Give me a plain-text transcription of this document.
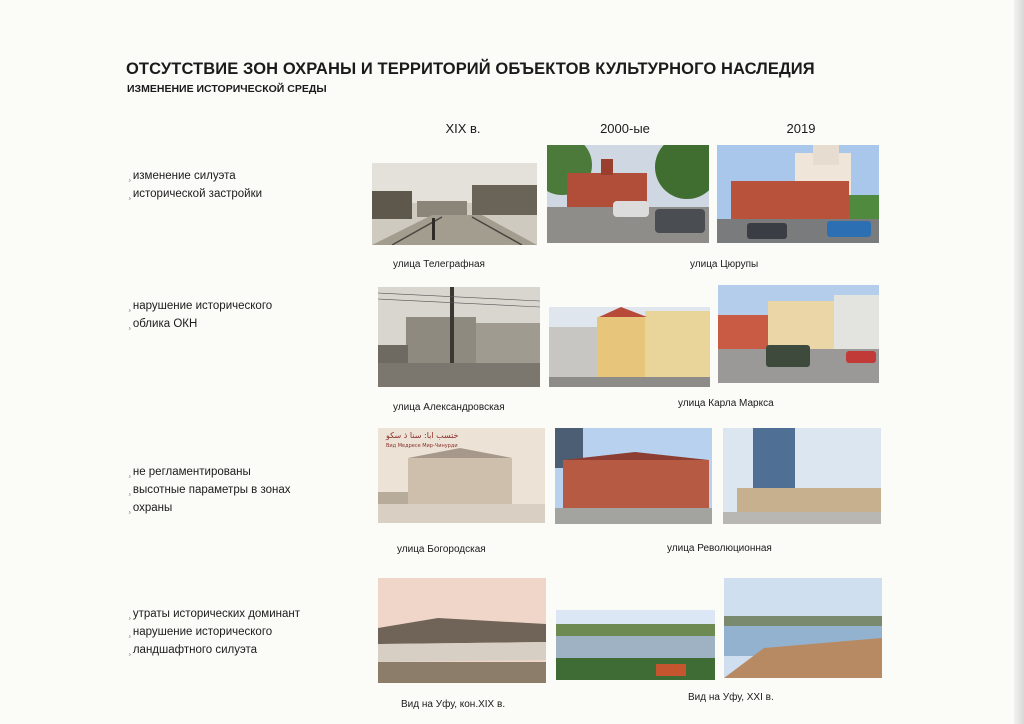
ОТСУТСТВИЕ ЗОН ОХРАНЫ И ТЕРРИТОРИЙ ОБЪЕКТОВ КУЛЬТУРНОГО НАСЛЕДИЯ
ИЗМЕНЕНИЕ ИСТОРИЧЕСКОЙ СРЕДЫ
XIX в.	2000-ые	2019
¸ изменение силуэта
¸ исторической застройки
улица Телеграфная	улица Цюрупы
¸ нарушение исторического
¸ облика ОКН
улица Александровская	улица Карла Маркса
¸ не регламентированы
¸ высотные параметры в зонах
¸ охраны
ختسب ابا: سنا ذ سكو
Вид Медресе Мир-Чинурди
улица Богородская	улица Революционная
¸ утраты исторических доминант
¸ нарушение исторического
¸ ландшафтного силуэта
Вид на Уфу, кон.XIX в.
Вид на Уфу, XXI в.
